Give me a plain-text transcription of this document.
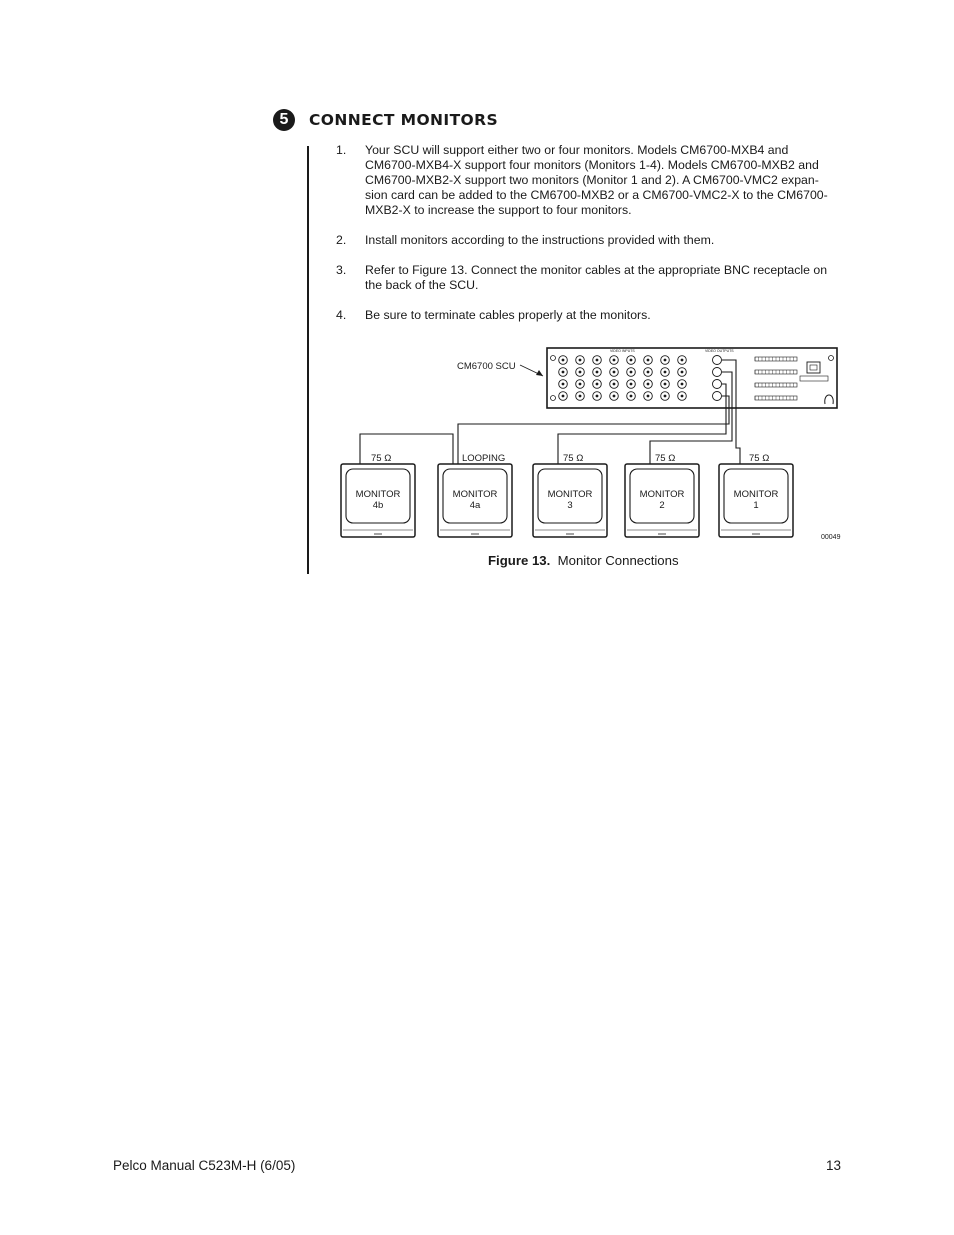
5	CONNECT MONITORS
1. Your SCU will support either two or four monitors. Models CM6700-MXB4 and CM6700-MXB4-X support four monitors (Monitors 1-4). Models CM6700-MXB2 and CM6700-MXB2-X support two monitors (Monitor 1 and 2). A CM6700-VMC2 expan-sion card can be added to the CM6700-MXB2 or a CM6700-VMC2-X to the CM6700-MXB2-X to increase the support to four monitors.
2. Install monitors according to the instructions provided with them.
3. Refer to Figure 13. Connect the monitor cables at the appropriate BNC receptacle on the back of the SCU.
4. Be sure to terminate cables properly at the monitors.
VIDEO INPUTS	VIDEO OUTPUTS
CM6700 SCU
MONITOR
4b
75 Ω
MONITOR
4a
LOOPING
MONITOR
3
75 Ω
MONITOR
2
75 Ω
MONITOR
1
75 Ω
00049
Figure 13. Monitor Connections
Pelco Manual C523M-H (6/05)	13
